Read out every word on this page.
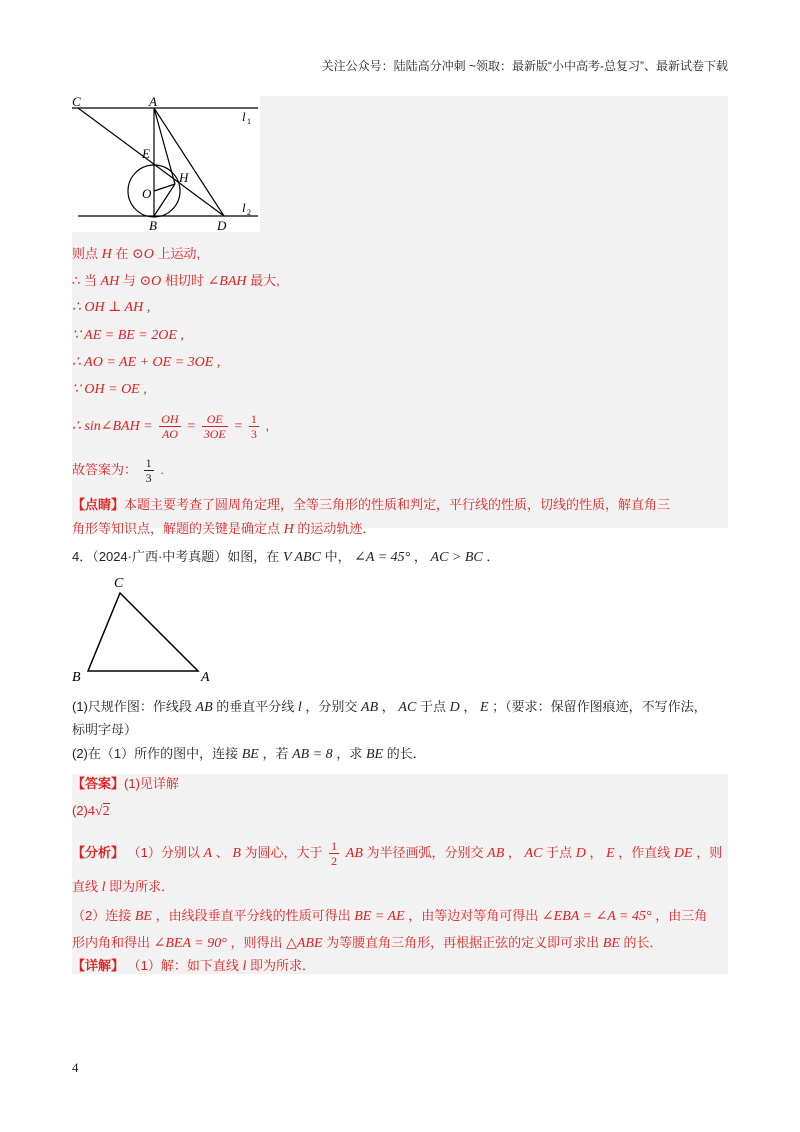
关注公众号：陆陆高分冲刺 ~领取：最新版“小中高考-总复习”、最新试卷下载
C	A
l 1
E
H
O
B	D
l 2
则点 H 在 ⊙O 上运动,
∴ 当 AH 与 ⊙O 相切时 ∠BAH 最大,
∴ OH ⊥ AH ,
∵ AE = BE = 2OE ,
∴ AO = AE + OE = 3OE ,
∵ OH = OE ,
∴ sin∠BAH = $\frac{OH}{AO} = \frac{OE}{3OE} = \frac{1}{3}$ ,
故答案为： $\frac{1}{3}$ .
【点睛】本题主要考查了圆周角定理，全等三角形的性质和判定，平行线的性质，切线的性质，解直角三
角形等知识点，解题的关键是确定点 H 的运动轨迹．
4．（2024·广西·中考真题）如图，在 V ABC 中， ∠A = 45° ， AC > BC ．
C
B	A
(1)尺规作图：作线段 AB 的垂直平分线 l ，分别交 AB ， AC 于点 D ， E ；（要求：保留作图痕迹，不写作法，
标明字母）
(2)在（1）所作的图中，连接 BE ，若 AB = 8 ，求 BE 的长．
【答案】(1)见详解
(2)4√2
【分析】 （1）分别以 A 、 B 为圆心，大于 $\frac{1}{2}$ AB 为半径画弧，分别交 AB ， AC 于点 D ， E ，作直线 DE ，则
直线 l 即为所求．
（2）连接 BE ，由线段垂直平分线的性质可得出 BE = AE ，由等边对等角可得出 ∠EBA = ∠A = 45° ，由三角
形内角和得出 ∠BEA = 90° ，则得出 △ABE 为等腰直角三角形，再根据正弦的定义即可求出 BE 的长．
【详解】 （1）解：如下直线 l 即为所求．
4
